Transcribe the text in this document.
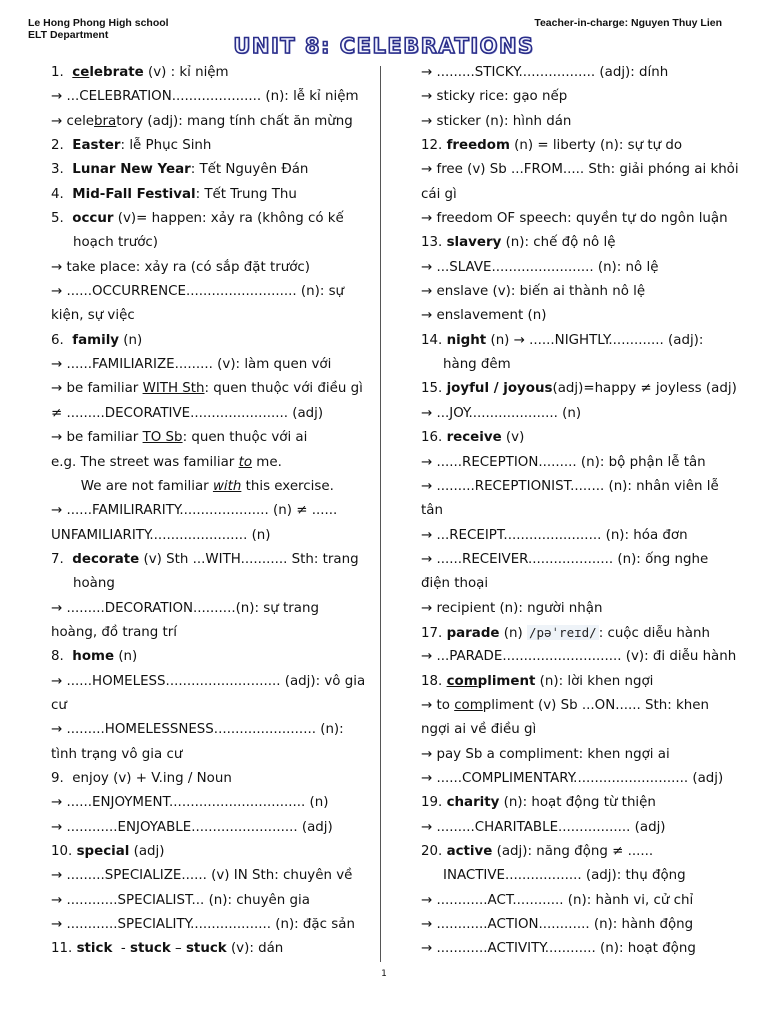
Le Hong Phong High school
ELT Department
Teacher-in-charge: Nguyen Thuy Lien
UNIT 8: CELEBRATIONS
1.  celebrate (v) : kỉ niệm
→ ...CELEBRATION..................... (n): lễ kỉ niệm
→ celebratory (adj): mang tính chất ăn mừng
2.  Easter: lễ Phục Sinh
3.  Lunar New Year: Tết Nguyên Đán
4.  Mid-Fall Festival: Tết Trung Thu
5.  occur (v)= happen: xảy ra (không có kế
hoạch trước)
→ take place: xảy ra (có sắp đặt trước)
→ ......OCCURRENCE.......................... (n): sự
kiện, sự việc
6.  family (n)
→ ......FAMILIARIZE......... (v): làm quen với
→ be familiar WITH Sth: quen thuộc với điều gì
≠ .........DECORATIVE....................... (adj)
→ be familiar TO Sb: quen thuộc với ai
e.g. The street was familiar to me.
We are not familiar with this exercise.
→ ......FAMILIRARITY..................... (n) ≠ ......
UNFAMILIARITY....................... (n)
7.  decorate (v) Sth ...WITH........... Sth: trang
hoàng
→ .........DECORATION..........(n): sự trang
hoàng, đồ trang trí
8.  home (n)
→ ......HOMELESS........................... (adj): vô gia
cư
→ .........HOMELESSNESS........................ (n):
tình trạng vô gia cư
9.  enjoy (v) + V.ing / Noun
→ ......ENJOYMENT................................ (n)
→ ............ENJOYABLE......................... (adj)
10. special (adj)
→ .........SPECIALIZE...... (v) IN Sth: chuyên về
→ ............SPECIALIST... (n): chuyên gia
→ ............SPECIALITY................... (n): đặc sản
11. stick  - stuck – stuck (v): dán
→ .........STICKY.................. (adj): dính
→ sticky rice: gạo nếp
→ sticker (n): hình dán
12. freedom (n) = liberty (n): sự tự do
→ free (v) Sb ...FROM..... Sth: giải phóng ai khỏi
cái gì
→ freedom OF speech: quyền tự do ngôn luận
13. slavery (n): chế độ nô lệ
→ ...SLAVE........................ (n): nô lệ
→ enslave (v): biến ai thành nô lệ
→ enslavement (n)
14. night (n) → ......NIGHTLY............. (adj):
hàng đêm
15. joyful / joyous(adj)=happy ≠ joyless (adj)
→ ...JOY..................... (n)
16. receive (v)
→ ......RECEPTION......... (n): bộ phận lễ tân
→ .........RECEPTIONIST........ (n): nhân viên lễ
tân
→ ...RECEIPT....................... (n): hóa đơn
→ ......RECEIVER.................... (n): ống nghe
điện thoại
→ recipient (n): người nhận
17. parade (n) /pəˈreɪd/ : cuộc diễu hành
→ ...PARADE............................ (v): đi diễu hành
18. compliment (n): lời khen ngợi
→ to compliment (v) Sb ...ON...... Sth: khen
ngợi ai về điều gì
→ pay Sb a compliment: khen ngợi ai
→ ......COMPLIMENTARY........................... (adj)
19. charity (n): hoạt động từ thiện
→ .........CHARITABLE................. (adj)
20. active (adj): năng động ≠ ......
INACTIVE.................. (adj): thụ động
→ ............ACT............ (n): hành vi, cử chỉ
→ ............ACTION............ (n): hành động
→ ............ACTIVITY............ (n): hoạt động
1
